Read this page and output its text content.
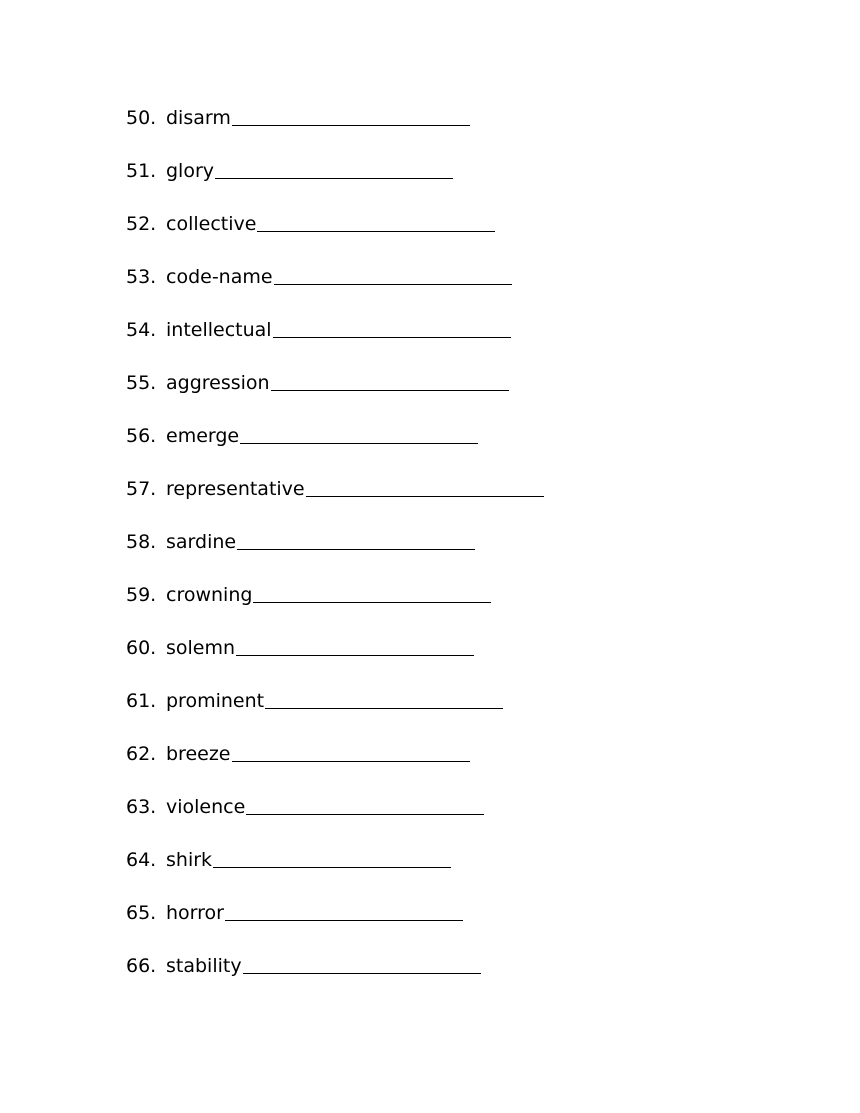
50. disarm
51. glory
52. collective
53. code-name
54. intellectual
55. aggression
56. emerge
57. representative
58. sardine
59. crowning
60. solemn
61. prominent
62. breeze
63. violence
64. shirk
65. horror
66. stability
